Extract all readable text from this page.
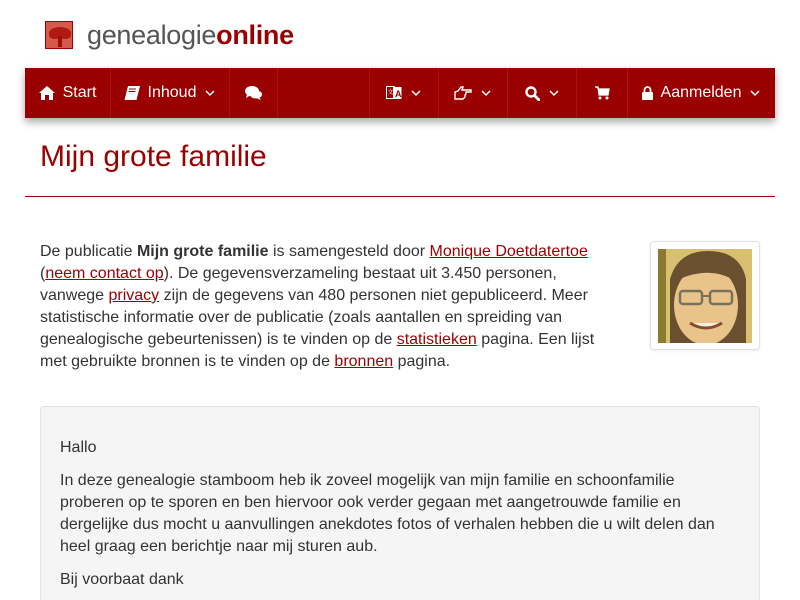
genealogieonline
Start	Inhoud	A
文	Aanmelden
Mijn grote familie

De publicatie Mijn grote familie is samengesteld door Monique Doetdatertoe (neem contact op). De gegevensverzameling bestaat uit 3.450 personen, vanwege privacy zijn de gegevens van 480 personen niet gepubliceerd. Meer statistische informatie over de publicatie (zoals aantallen en spreiding van genealogische gebeurtenissen) is te vinden op de statistieken pagina. Een lijst met gebruikte bronnen is te vinden op de bronnen pagina.

Hallo

In deze genealogie stamboom heb ik zoveel mogelijk van mijn familie en schoonfamilie proberen op te sporen en ben hiervoor ook verder gegaan met aangetrouwde familie en dergelijke dus mocht u aanvullingen anekdotes fotos of verhalen hebben die u wilt delen dan heel graag een berichtje naar mij sturen aub.

Bij voorbaat dank
